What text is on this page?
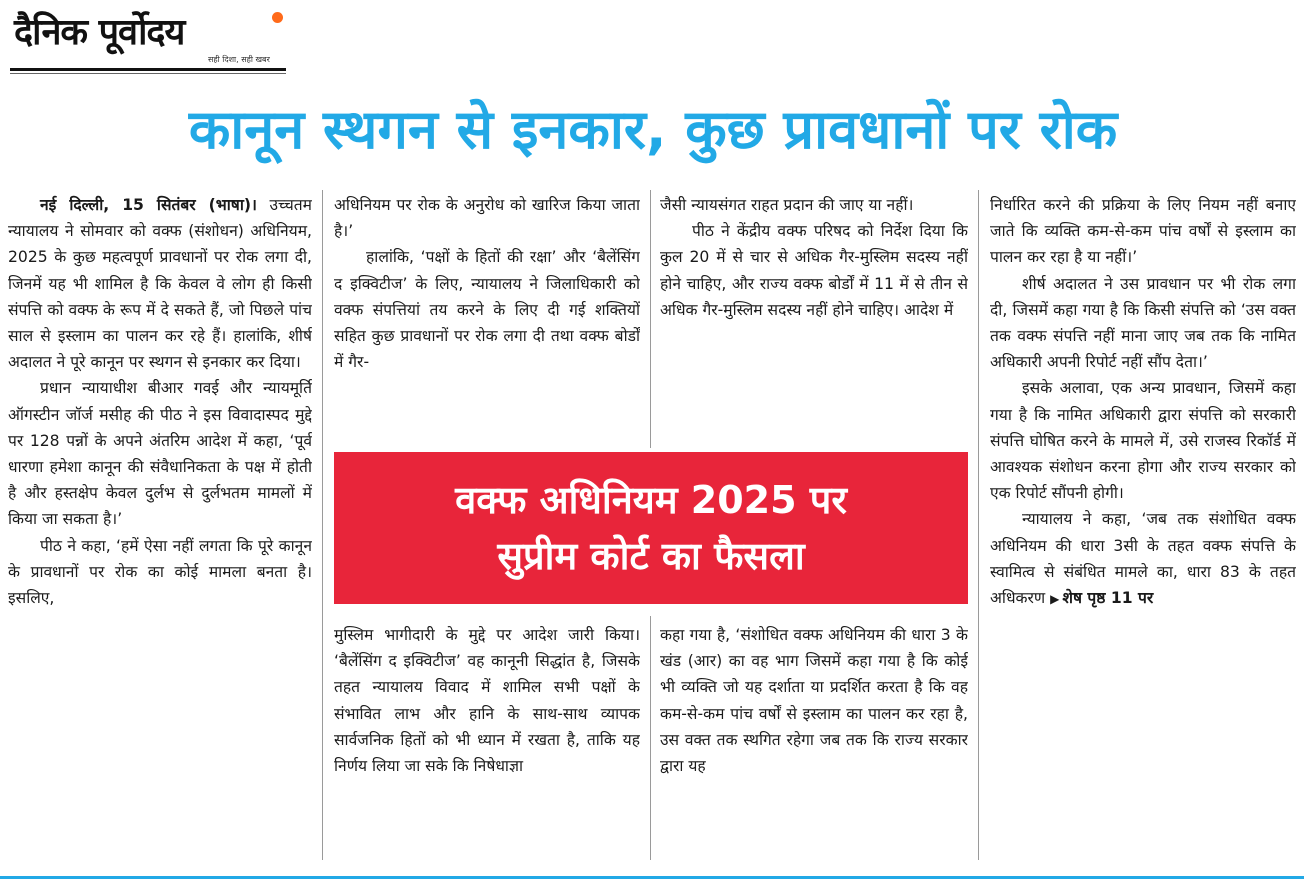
दैनिक पूर्वोदय
सही दिशा, सही खबर
कानून स्थगन से इनकार, कुछ प्रावधानों पर रोक

नई दिल्ली, 15 सितंबर (भाषा)। उच्चतम न्यायालय ने सोमवार को वक्फ (संशोधन) अधिनियम, 2025 के कुछ महत्वपूर्ण प्रावधानों पर रोक लगा दी, जिनमें यह भी शामिल है कि केवल वे लोग ही किसी संपत्ति को वक्फ के रूप में दे सकते हैं, जो पिछले पांच साल से इस्लाम का पालन कर रहे हैं। हालांकि, शीर्ष अदालत ने पूरे कानून पर स्थगन से इनकार कर दिया।

प्रधान न्यायाधीश बीआर गवई और न्यायमूर्ति ऑगस्टीन जॉर्ज मसीह की पीठ ने इस विवादास्पद मुद्दे पर 128 पन्नों के अपने अंतरिम आदेश में कहा, ‘पूर्व धारणा हमेशा कानून की संवैधानिकता के पक्ष में होती है और हस्तक्षेप केवल दुर्लभ से दुर्लभतम मामलों में किया जा सकता है।’

पीठ ने कहा, ‘हमें ऐसा नहीं लगता कि पूरे कानून के प्रावधानों पर रोक का कोई मामला बनता है। इसलिए,

अधिनियम पर रोक के अनुरोध को खारिज किया जाता है।’

हालांकि, ‘पक्षों के हितों की रक्षा’ और ‘बैलेंसिंग द इक्विटीज’ के लिए, न्यायालय ने जिलाधिकारी को वक्फ संपत्तियां तय करने के लिए दी गई शक्तियों सहित कुछ प्रावधानों पर रोक लगा दी तथा वक्फ बोर्डों में गैर-

जैसी न्यायसंगत राहत प्रदान की जाए या नहीं।

पीठ ने केंद्रीय वक्फ परिषद को निर्देश दिया कि कुल 20 में से चार से अधिक गैर-मुस्लिम सदस्य नहीं होने चाहिए, और राज्य वक्फ बोर्डों में 11 में से तीन से अधिक गैर-मुस्लिम सदस्य नहीं होने चाहिए। आदेश में

वक्फ अधिनियम 2025 पर
सुप्रीम कोर्ट का फैसला

मुस्लिम भागीदारी के मुद्दे पर आदेश जारी किया। ‘बैलेंसिंग द इक्विटीज’ वह कानूनी सिद्धांत है, जिसके तहत न्यायालय विवाद में शामिल सभी पक्षों के संभावित लाभ और हानि के साथ-साथ व्यापक सार्वजनिक हितों को भी ध्यान में रखता है, ताकि यह निर्णय लिया जा सके कि निषेधाज्ञा

कहा गया है, ‘संशोधित वक्फ अधिनियम की धारा 3 के खंड (आर) का वह भाग जिसमें कहा गया है कि कोई भी व्यक्ति जो यह दर्शाता या प्रदर्शित करता है कि वह कम-से-कम पांच वर्षों से इस्लाम का पालन कर रहा है, उस वक्त तक स्थगित रहेगा जब तक कि राज्य सरकार द्वारा यह

निर्धारित करने की प्रक्रिया के लिए नियम नहीं बनाए जाते कि व्यक्ति कम-से-कम पांच वर्षों से इस्लाम का पालन कर रहा है या नहीं।’

शीर्ष अदालत ने उस प्रावधान पर भी रोक लगा दी, जिसमें कहा गया है कि किसी संपत्ति को ‘उस वक्त तक वक्फ संपत्ति नहीं माना जाए जब तक कि नामित अधिकारी अपनी रिपोर्ट नहीं सौंप देता।’

इसके अलावा, एक अन्य प्रावधान, जिसमें कहा गया है कि नामित अधिकारी द्वारा संपत्ति को सरकारी संपत्ति घोषित करने के मामले में, उसे राजस्व रिकॉर्ड में आवश्यक संशोधन करना होगा और राज्य सरकार को एक रिपोर्ट सौंपनी होगी।

न्यायालय ने कहा, ‘जब तक संशोधित वक्फ अधिनियम की धारा 3सी के तहत वक्फ संपत्ति के स्वामित्व से संबंधित मामले का, धारा 83 के तहत अधिकरण ▶ शेष पृष्ठ 11 पर
